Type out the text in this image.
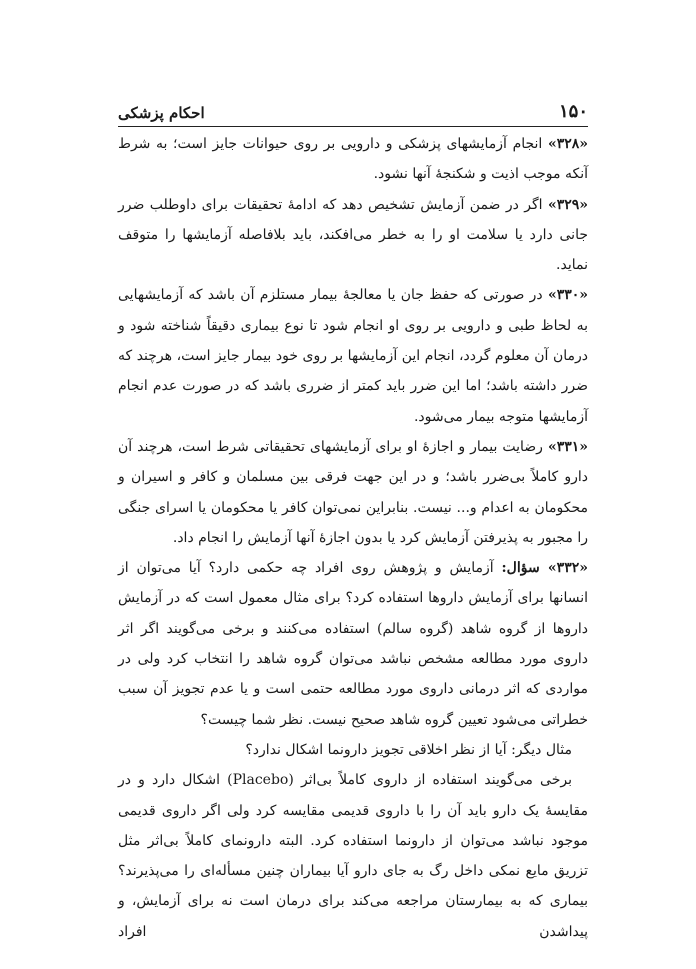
۱۵۰
احکام پزشکی

«۳۲۸» انجام آزمایشهای پزشکی و دارویی بر روی حیوانات جایز است؛ به شرط آنکه موجب اذیت و شکنجهٔ آنها نشود.

«۳۲۹» اگر در ضمن آزمایش تشخیص دهد که ادامهٔ تحقیقات برای داوطلب ضرر جانی دارد یا سلامت او را به خطر می‌افکند، باید بلافاصله آزمایشها را متوقف نماید.

«۳۳۰» در صورتی که حفظ جان یا معالجهٔ بیمار مستلزم آن باشد که آزمایشهایی به لحاظ طبی و دارویی بر روی او انجام شود تا نوع بیماری دقیقاً شناخته شود و درمان آن معلوم گردد، انجام این آزمایشها بر روی خود بیمار جایز است، هرچند که ضرر داشته باشد؛ اما این ضرر باید کمتر از ضرری باشد که در صورت عدم انجام آزمایشها متوجه بیمار می‌شود.

«۳۳۱» رضایت بیمار و اجازهٔ او برای آزمایشهای تحقیقاتی شرط است، هرچند آن دارو کاملاً بی‌ضرر باشد؛ و در این جهت فرقی بین مسلمان و کافر و اسیران و محکومان به اعدام و... نیست. بنابراین نمی‌توان کافر یا محکومان یا اسرای جنگی را مجبور به پذیرفتن آزمایش کرد یا بدون اجازهٔ آنها آزمایش را انجام داد.

«۳۳۲» سؤال: آزمایش و پژوهش روی افراد چه حکمی دارد؟ آیا می‌توان از انسانها برای آزمایش داروها استفاده کرد؟ برای مثال معمول است که در آزمایش داروها از گروه شاهد (گروه سالم) استفاده می‌کنند و برخی می‌گویند اگر اثر داروی مورد مطالعه مشخص نباشد می‌توان گروه شاهد را انتخاب کرد ولی در مواردی که اثر درمانی داروی مورد مطالعه حتمی است و یا عدم تجویز آن سبب خطراتی می‌شود تعیین گروه شاهد صحیح نیست. نظر شما چیست؟

مثال دیگر: آیا از نظر اخلاقی تجویز دارونما اشکال ندارد؟

برخی می‌گویند استفاده از داروی کاملاً بی‌اثر (Placebo) اشکال دارد و در مقایسهٔ یک دارو باید آن را با داروی قدیمی مقایسه کرد ولی اگر داروی قدیمی موجود نباشد می‌توان از دارونما استفاده کرد. البته دارونمای کاملاً بی‌اثر مثل تزریق مایع نمکی داخل رگ به جای دارو آیا بیماران چنین مسأله‌ای را می‌پذیرند؟ بیماری که به بیمارستان مراجعه می‌کند برای درمان است نه برای آزمایش، و پیداشدن افراد
